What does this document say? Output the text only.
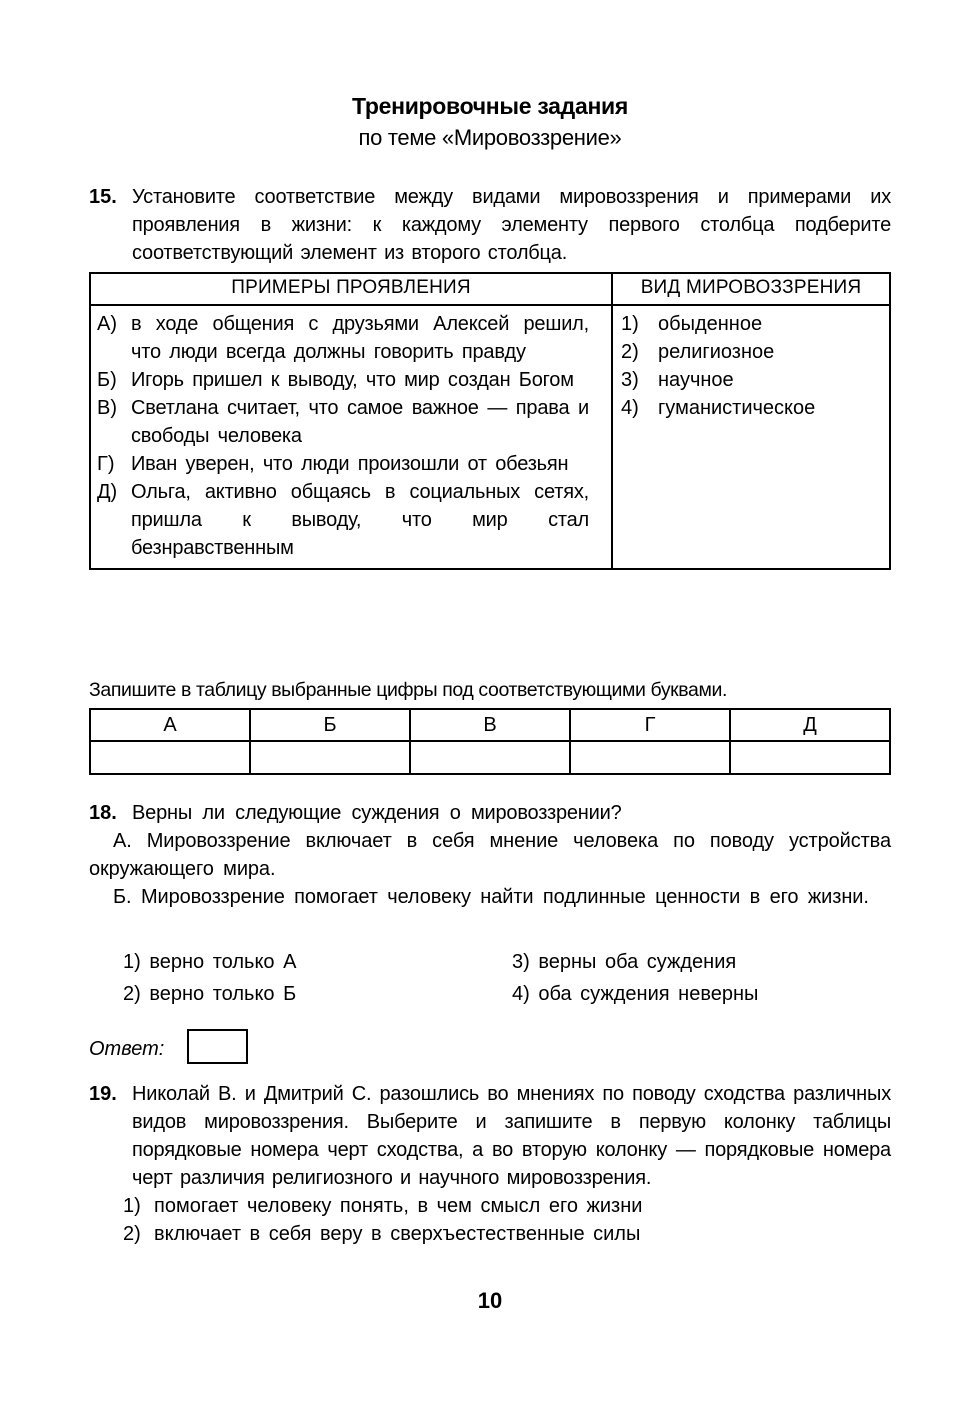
Тренировочные задания
по теме «Мировоззрение»
15. Установите соответствие между видами мировоззрения и примерами их проявления в жизни: к каждому элементу первого столбца подберите соответствующий элемент из второго столбца.
ПРИМЕРЫ ПРОЯВЛЕНИЯ	ВИД МИРОВОЗЗРЕНИЯ

А) в ходе общения с друзьями Алексей решил, что люди всегда должны говорить правду
Б) Игорь пришел к выводу, что мир создан Богом
В) Светлана считает, что самое важное — права и свободы человека
Г) Иван уверен, что люди произошли от обезьян
Д) Ольга, активно общаясь в социальных сетях, пришла к выводу, что мир стал безнравственным

1) обыденное
2) религиозное
3) научное
4) гуманистическое
Запишите в таблицу выбранные цифры под соответствующими буквами.
А	Б	В	Г	Д

18. Верны ли следующие суждения о мировоззрении?
А. Мировоззрение включает в себя мнение человека по поводу устройства окружающего мира.
Б. Мировоззрение помогает человеку найти подлинные ценности в его жизни.
1) верно только А
2) верно только Б
3) верны оба суждения
4) оба суждения неверны
Ответ:
19. Николай В. и Дмитрий С. разошлись во мнениях по поводу сходства различных видов мировоззрения. Выберите и запишите в первую колонку таблицы порядковые номера черт сходства, а во вторую колонку — порядковые номера черт различия религиозного и научного мировоззрения.
1) помогает человеку понять, в чем смысл его жизни
2) включает в себя веру в сверхъестественные силы
10
